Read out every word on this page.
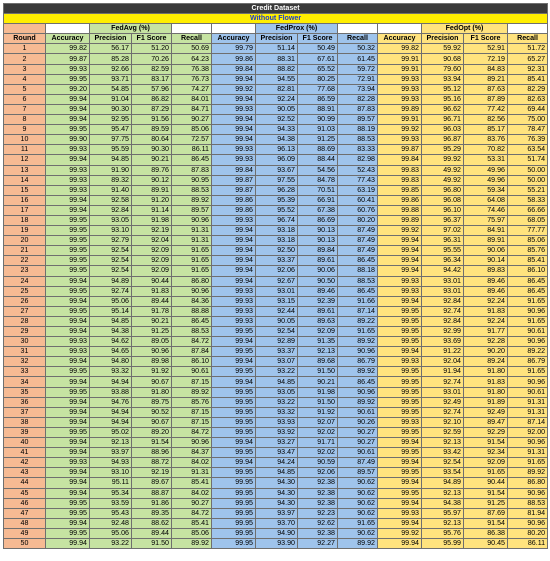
Credit Dataset												
Without Flower												
		FedAvg (%)				FedProx (%)				FedOpt (%)		
Round	Accuracy	Precision	F1 Score	Recall	Accuracy	Precision	F1 Score	Recall	Accuracy	Precision	F1 Score	Recall
1	99.82	56.17	51.20	50.69	99.79	51.14	50.49	50.32	99.82	59.92	52.91	51.72
2	99.87	85.28	70.26	64.23	99.86	88.31	67.61	61.45	99.91	90.68	72.19	65.27
3	99.93	92.66	82.59	76.38	99.84	88.82	65.52	59.72	99.91	79.60	84.83	92.31
4	99.95	93.71	83.17	76.73	99.94	94.55	80.25	72.91	99.93	93.94	89.21	85.41
5	99.20	54.85	57.96	74.27	99.92	82.81	77.68	73.94	99.93	95.12	87.63	82.29
6	99.94	91.04	86.82	84.01	99.94	92.24	86.59	82.28	99.93	95.16	87.89	82.63
7	99.94	90.30	87.29	84.71	99.93	90.05	88.91	87.83	99.89	96.62	77.42	69.44
8	99.94	92.95	91.56	90.27	99.94	92.52	90.99	89.57	99.91	96.71	82.56	75.00
9	99.95	95.47	89.59	85.06	99.94	94.33	91.03	88.19	99.92	96.03	85.17	78.47
10	99.90	97.75	80.64	72.57	99.94	94.38	91.25	88.53	99.93	96.87	83.76	76.39
11	99.93	95.59	90.30	86.11	99.93	96.13	88.69	83.33	99.87	95.29	70.82	63.54
12	99.94	94.85	90.21	86.45	99.93	96.09	88.44	82.98	99.84	99.92	53.31	51.74
13	99.93	91.90	89.76	87.83	99.84	93.67	54.56	52.43	99.83	49.92	49.96	50.00
14	99.93	89.32	90.12	90.95	99.87	97.55	84.78	77.43	99.83	49.92	49.96	50.00
15	99.93	91.40	89.91	88.53	99.87	96.28	70.51	63.19	99.85	96.80	59.34	55.21
16	99.94	92.58	91.20	89.92	99.86	95.39	66.91	60.41	99.86	96.08	64.08	58.33
17	99.94	92.84	91.14	89.57	99.86	95.52	67.38	60.76	99.88	96.10	74.46	66.66
18	99.95	93.05	91.98	90.96	99.93	96.74	86.69	80.20	99.89	96.37	75.97	68.05
19	99.95	93.10	92.19	91.31	99.94	93.18	90.13	87.49	99.92	97.02	84.91	77.77
20	99.95	92.79	92.04	91.31	99.94	93.18	90.13	87.49	99.94	96.31	89.91	85.06
21	99.95	92.54	92.09	91.65	99.94	92.50	89.84	87.49	99.94	95.55	90.06	85.76
22	99.95	92.54	92.09	91.65	99.94	93.37	89.61	86.45	99.94	96.34	90.14	85.41
23	99.95	92.54	92.09	91.65	99.94	92.06	90.06	88.18	99.94	94.42	89.83	86.10
24	99.94	94.89	90.44	86.80	99.94	92.67	90.50	88.53	99.93	93.01	89.46	86.45
25	99.95	92.74	91.83	90.96	99.93	93.01	89.46	86.45	99.93	93.01	89.46	86.45
26	99.94	95.06	89.44	84.36	99.93	93.15	92.39	91.66	99.94	92.84	92.24	91.65
27	99.95	95.14	91.78	88.88	99.93	92.44	89.61	87.14	99.95	92.74	91.83	90.96
28	99.94	94.85	90.21	86.45	99.93	90.05	89.63	89.22	99.95	92.84	92.24	91.65
29	99.94	94.38	91.25	88.53	99.95	92.54	92.09	91.65	99.95	92.99	91.77	90.61
30	99.93	94.62	89.05	84.72	99.94	92.89	91.35	89.92	99.95	93.69	92.28	90.96
31	99.93	94.65	90.96	87.84	99.95	93.37	92.13	90.96	99.94	91.22	90.20	89.22
32	99.94	94.80	89.98	86.10	99.94	93.07	89.68	86.79	99.93	92.04	89.24	86.79
33	99.95	93.32	91.92	90.61	99.95	93.22	91.50	89.92	99.95	91.94	91.80	91.65
34	99.94	94.94	90.67	87.15	99.94	94.85	90.21	86.45	99.95	92.74	91.83	90.96
35	99.95	93.88	91.80	89.92	99.95	93.05	91.98	90.96	99.95	93.01	91.80	90.61
36	99.94	94.76	89.75	85.76	99.95	93.22	91.50	89.92	99.95	92.49	91.89	91.31
37	99.94	94.94	90.52	87.15	99.95	93.32	91.92	90.61	99.95	92.74	92.49	91.31
38	99.94	94.94	90.67	87.15	99.95	93.93	92.07	90.26	99.93	92.10	89.47	87.14
39	99.95	95.02	89.20	84.72	99.95	93.92	92.02	90.27	99.95	92.59	92.29	92.00
40	99.94	92.13	91.54	90.96	99.94	93.27	91.71	90.27	99.94	92.13	91.54	90.96
41	99.94	93.97	88.96	84.37	99.95	93.47	92.02	90.61	99.95	93.42	92.34	91.31
42	99.93	94.93	88.72	84.02	99.94	94.24	90.59	87.49	99.94	92.54	92.09	91.65
43	99.94	93.10	92.19	91.31	99.95	94.85	92.06	89.57	99.95	93.54	91.65	89.92
44	99.94	95.11	89.67	85.41	99.95	94.30	92.38	90.62	99.94	94.89	90.44	86.80
45	99.94	95.34	88.87	84.02	99.95	94.30	92.38	90.62	99.95	92.13	91.54	90.96
46	99.95	93.59	91.86	90.27	99.95	94.30	92.38	90.62	99.94	94.38	91.25	88.53
47	99.95	95.43	89.35	84.72	99.95	93.97	92.23	90.62	99.93	95.97	87.69	81.94
48	99.94	92.48	88.62	85.41	99.95	93.70	92.62	91.65	99.94	92.13	91.54	90.96
49	99.95	95.06	89.44	85.06	99.95	94.90	92.38	90.62	99.92	95.76	86.38	80.20
50	99.94	93.22	91.50	89.92	99.95	93.90	92.27	89.92	99.94	95.99	90.45	86.11
